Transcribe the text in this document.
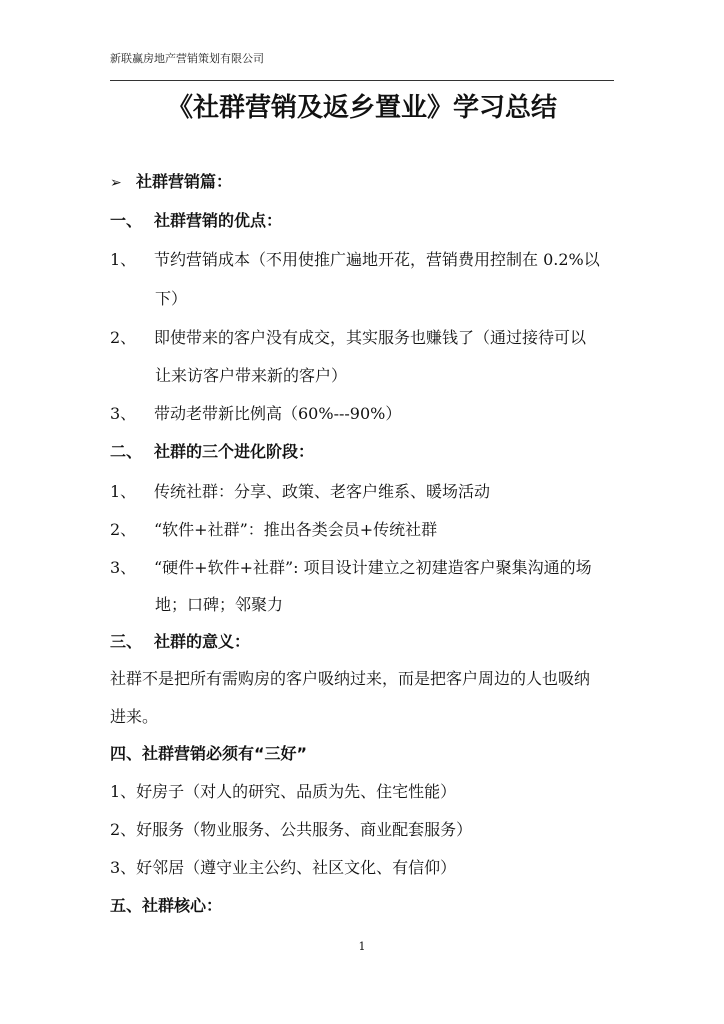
新联赢房地产营销策划有限公司
《社群营销及返乡置业》学习总结
➢ 社群营销篇：
一、 社群营销的优点：
1、 节约营销成本（不用使推广遍地开花，营销费用控制在 0.2%以
下）
2、 即使带来的客户没有成交，其实服务也赚钱了（通过接待可以
让来访客户带来新的客户）
3、 带动老带新比例高（60%---90%）
二、 社群的三个进化阶段：
1、 传统社群：分享、政策、老客户维系、暖场活动
2、 “软件+社群”：推出各类会员+传统社群
3、 “硬件+软件+社群”: 项目设计建立之初建造客户聚集沟通的场
地；口碑；邻聚力
三、 社群的意义：
社群不是把所有需购房的客户吸纳过来，而是把客户周边的人也吸纳
进来。
四、社群营销必须有“三好”
1、好房子（对人的研究、品质为先、住宅性能）
2、好服务（物业服务、公共服务、商业配套服务）
3、好邻居（遵守业主公约、社区文化、有信仰）
五、社群核心：
1
